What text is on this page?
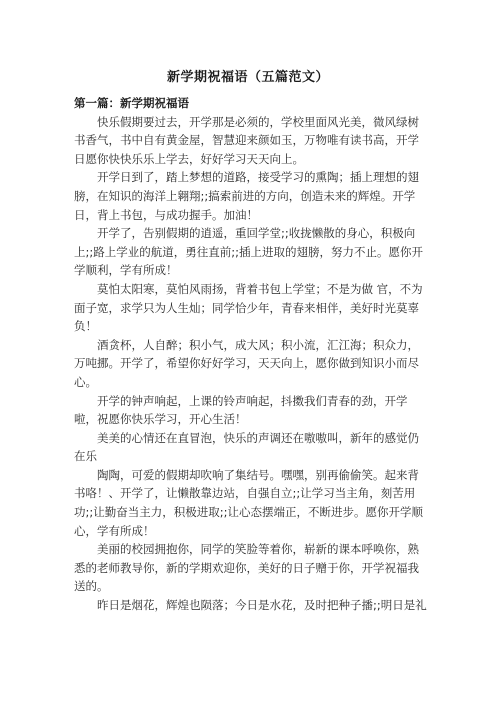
新学期祝福语（五篇范文）

第一篇：新学期祝福语

快乐假期要过去，开学那是必须的，学校里面风光美，微风绿树书香气，书中自有黄金屋，智慧迎来颜如玉，万物唯有读书高，开学日愿你快快乐乐上学去，好好学习天天向上。

开学日到了，踏上梦想的道路，接受学习的熏陶；插上理想的翅膀，在知识的海洋上翱翔;;搞索前进的方向，创造未来的辉煌。开学日，背上书包，与成功握手。加油！

开学了，告别假期的逍遥，重回学堂;;收拢懒散的身心，积极向上;;路上学业的航道，勇往直前;;插上进取的翅膀，努力不止。愿你开学顺利，学有所成！

莫怕太阳寒，莫怕风雨扬，背着书包上学堂；不是为做 官，不为面子宽，求学只为人生灿；同学恰少年，青春来相伴，美好时光莫辜负！

酒贪杯，人自醉；积小气，成大风；积小流，汇江海；积众力，万吨挪。开学了，希望你好好学习，天天向上，愿你做到知识小而尽心。

开学的钟声响起，上课的铃声响起，抖擞我们青春的劲，开学啦，祝愿你快乐学习，开心生活！

美美的心情还在直冒泡，快乐的声调还在嗷嗷叫，新年的感觉仍在乐

陶陶，可爱的假期却吹响了集结号。嘿嘿，别再偷偷笑。起来背书咯！、开学了，让懒散靠边站，自强自立;;让学习当主角，刻苦用功;;让勤奋当主力，积极进取;;让心态摆端正，不断进步。愿你开学顺心，学有所成！

美丽的校园拥抱你，同学的笑脸等着你，崭新的课本呼唤你，熟悉的老师教导你，新的学期欢迎你，美好的日子赠于你，开学祝福我送的。

昨日是烟花，辉煌也陨落；今日是水花，及时把种子播;;明日是礼
